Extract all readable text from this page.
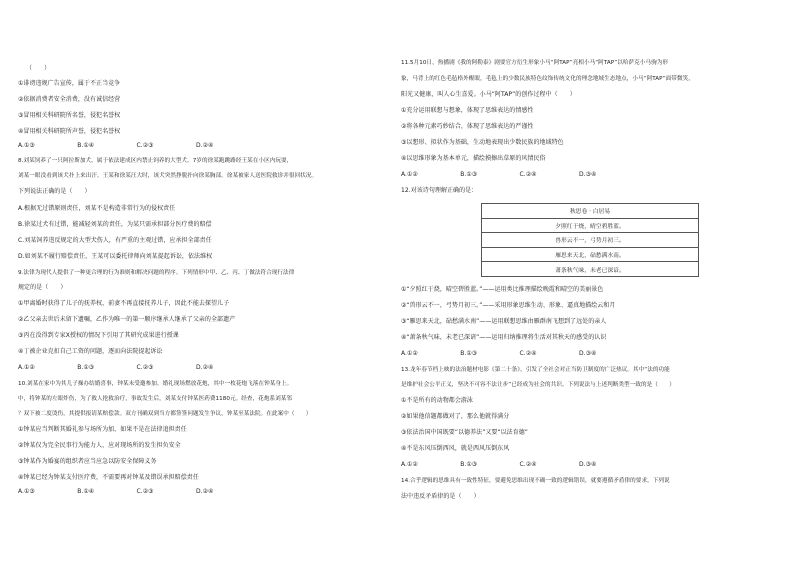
（　　）
①诽谤违规广告宣传，属于不正当竞争
②依据消费者安全消费，没有诚信经营
③冒用相关科研院所名誉，侵犯名誉权
④冒用相关科研院所声誉，侵犯名誉权
A.①③　　　　　　　B.①④　　　　　　　C.②③　　　　　　　D.②④
8.刘某饲养了一只阿拉斯加犬，属于依法建成区内禁止饲养的大型犬。7岁的徐某跑跳路经王某在小区内玩耍，
刘某一眼没看到该犬扑上来出汗。王某和徐某汪大时，该犬突然挣脱扑向徐某胸部。徐某被家人送医院救诊并很回状况。
下列说法正确的是（　　）
A.根据无过错原则责任，刘某不是构造非常行为的侵权责任
B.徐某过犬有过错，能减轻刘某的责任，为某只需承担部分医疗费的赔偿
C.刘某饲养违反规定的大型犬伤人，有严重的主观过错，应承担全部责任
D.如刘某不履行赔偿责任，王某可以委托律师向刘某提起诉讼，依法维权
9.法律为现代人提供了一种更合理的行为准则和解决问题的程序。下列情形中甲、乙、丙、丁做法符合现行法律
规定的是（　　）
①甲离婚时获得了儿子的抚养权，前妻不再直接抚养儿子，因此不能去探望儿子
②乙父亲去世后未留下遗嘱，乙作为唯一的第一顺序继承人继承了父亲的全部遗产
③丙在没得到专家X授权的情况下引用了其研究成果进行授课
④丁被企业克扣自己工资的问题，逐而向法院提起诉讼
A.①②　　　　　　　B.①③　　　　　　　C.②③　　　　　　　D.②④
10.刘某在家中为其儿子操办结婚喜事，钟某未受邀参加。婚礼现场燃放花炮，其中一枚花炮飞落在钟某身上。
中，将钟某的左眼炸伤，为了救人抢救治疗，事故发生后，刘某支付钟某医药费1180元。经查，花炮系刘某邻
？双下被二度烫伤，其提供报请某赔偿款。双方刊确双到当方都签签问题发生争议，钟某至某法院。在此案中（　　）
①钟某应当判断其婚礼参与场所为加，如果不是在法律追担责任
②钟某仅为完全民事行为能力人，应对现场所的发生担负安全
③钟某作为婚宴的组织者应当应急以防安全保障义务
④钟某已经为钟某支付医疗费，不需要再对钟某及错误承担赔偿责任
A.①③　　　　　　　B.①④　　　　　　　C.②③　　　　　　　D.②④
11.5月10日，热播剧《我的阿勒泰》剧要官方衍生形象小马“阿TAP”亮相小马“阿TAP”以哈萨克小马驹为形
象，马背上的红色毛毡格外醒眼，毛毡上的少数民族特色纹饰传统文化的理念地域生态地点，小马“阿TAP”面带微笑，
阳光又健康，叫人心生喜爱。小马“阿TAP”的创作过程中（　　）
①充分运用联想与想象，体现了思维表达的情感性
②将各种元素巧妙结合，体现了思维表达的严谨性
③以想形、拟状作为基础，生动地表现出少数民族的地域特色
④以思维形象为基本单元，描绘摸擦出草原的风情民俗
A.①②　　　　　　　B.①③　　　　　　　C.②④　　　　　　　D.③④
12.对该诗句理解正确的是：
秋思卷 · 白居易
夕照红于烧，晴空碧胜蓝。
兽形云不一，弓势月初三。
雁思来天北，砧愁满水南。
萧条秋气味，未老已深谙。
①“夕照红于烧，晴空碧胜蓝。”——运用类比推理描绘晚霞和晴空的美丽景色
②“兽形云不一，弓势月初三。”——采用形象思维生动、形象、逼真地描绘云和月
③“雁思来天北，砧愁满水南”——运用联想思维由雁群南飞想到了远处的亲人
④“萧条秋气味，未老已深谙”——运用归纳推理将生活对其秋天的感受的认识
A.①②　　　　　　　B.①③　　　　　　　C.②④　　　　　　　D.③④
13.龙年春节档上映的法治题材电影《第二十条》，引发了全社会对正当防卫制度的广泛热议。其中“法的功能
是维护社会公平正义，坚决不可容不法让步”已经成为社会的共识。下列说法与上述判断类型一致的是（　　）
①不是所有的动物都会游泳
②如果他信题都做对了，那么他就得满分
③依法治国中国既要“以德养法”又要“以法育德”
④不是东风压倒西风，就是西风压倒东风
A.①②　　　　　　　B.①③　　　　　　　C.②④　　　　　　　D.③④
14.合乎逻辑的思维具有一致性特征，要避免思维出现不确一致的逻辑错误，就要遵循矛盾律的要求。下列说
法中违反矛盾律的是（　　）
